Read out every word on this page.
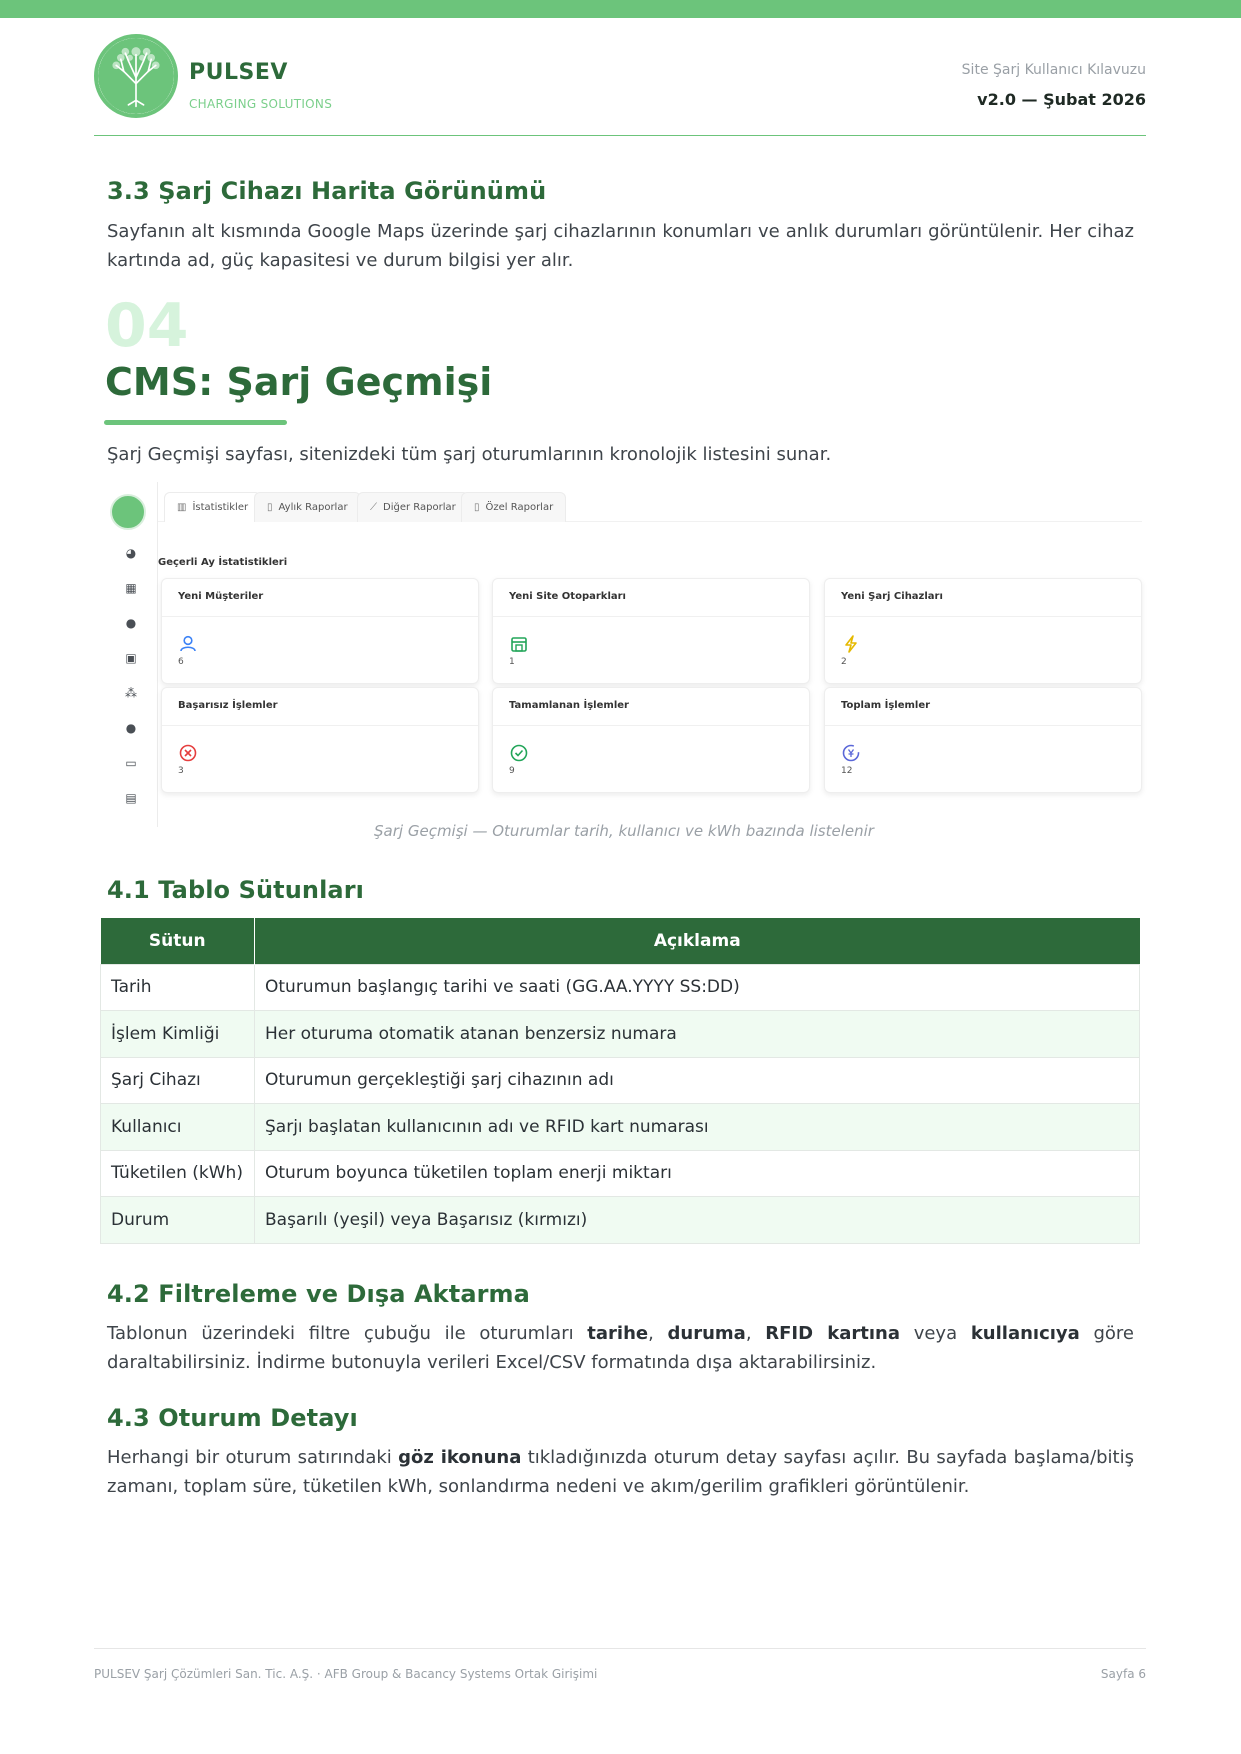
PULSEV
CHARGING SOLUTIONS
Site Şarj Kullanıcı Kılavuzu
v2.0 — Şubat 2026
3.3 Şarj Cihazı Harita Görünümü

Sayfanın alt kısmında Google Maps üzerinde şarj cihazlarının konumları ve anlık durumları görüntülenir. Her cihaz kartında ad, güç kapasitesi ve durum bilgisi yer alır.

04
CMS: Şarj Geçmişi

Şarj Geçmişi sayfası, sitenizdeki tüm şarj oturumlarının kronolojik listesini sunar.

◕
▦
●
▣
⁂
●
▭
▤
▥ İstatistikler	▯ Aylık Raporlar	⟋ Diğer Raporlar	▯ Özel Raporlar
Geçerli Ay İstatistikleri
Yeni Müşteriler
6
Yeni Site Otoparkları
1
Yeni Şarj Cihazları
2
Başarısız İşlemler
3
Tamamlanan İşlemler
9
Toplam İşlemler
12
Şarj Geçmişi — Oturumlar tarih, kullanıcı ve kWh bazında listelenir
4.1 Tablo Sütunları
Sütun	Açıklama
Tarih	Oturumun başlangıç tarihi ve saati (GG.AA.YYYY SS:DD)
İşlem Kimliği	Her oturuma otomatik atanan benzersiz numara
Şarj Cihazı	Oturumun gerçekleştiği şarj cihazının adı
Kullanıcı	Şarjı başlatan kullanıcının adı ve RFID kart numarası
Tüketilen (kWh)	Oturum boyunca tüketilen toplam enerji miktarı
Durum	Başarılı (yeşil) veya Başarısız (kırmızı)
4.2 Filtreleme ve Dışa Aktarma

Tablonun üzerindeki filtre çubuğu ile oturumları tarihe, duruma, RFID kartına veya kullanıcıya göre daraltabilirsiniz. İndirme butonuyla verileri Excel/CSV formatında dışa aktarabilirsiniz.

4.3 Oturum Detayı

Herhangi bir oturum satırındaki göz ikonuna tıkladığınızda oturum detay sayfası açılır. Bu sayfada başlama/bitiş zamanı, toplam süre, tüketilen kWh, sonlandırma nedeni ve akım/gerilim grafikleri görüntülenir.

PULSEV Şarj Çözümleri San. Tic. A.Ş. · AFB Group & Bacancy Systems Ortak Girişimi	Sayfa 6
